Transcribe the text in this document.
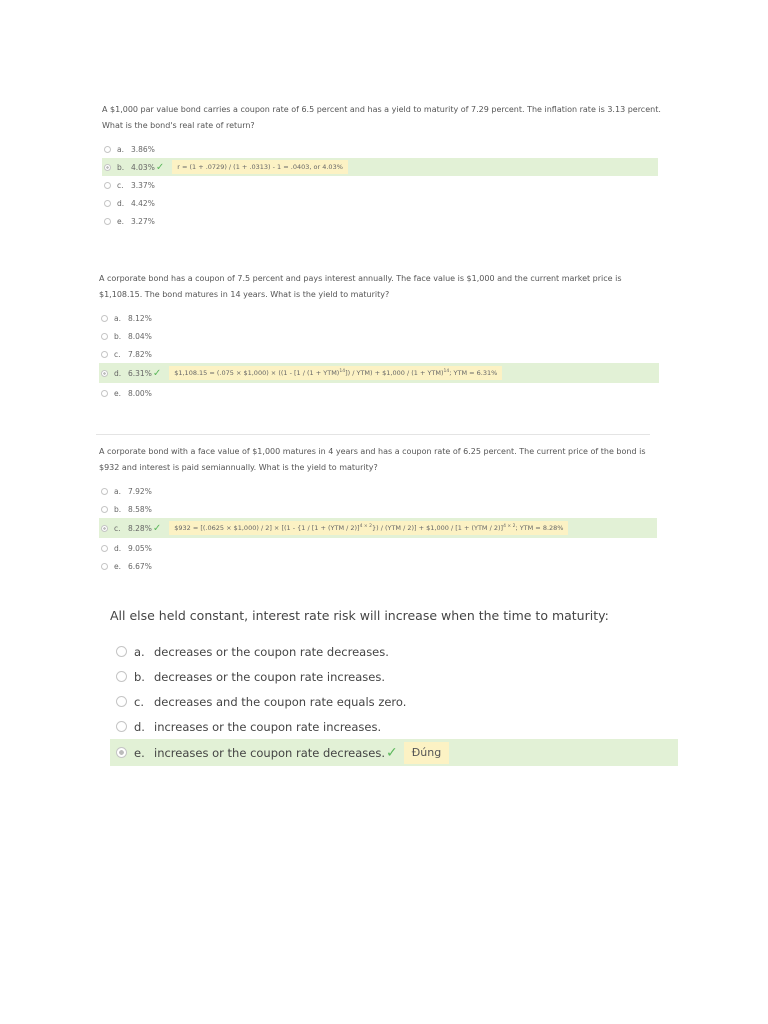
A $1,000 par value bond carries a coupon rate of 6.5 percent and has a yield to maturity of 7.29 percent. The inflation rate is 3.13 percent. What is the bond's real rate of return?

a. 3.86%
b. 4.03% ✓	r = (1 + .0729) / (1 + .0313) - 1 = .0403, or 4.03%
c. 3.37%
d. 4.42%
e. 3.27%

A corporate bond has a coupon of 7.5 percent and pays interest annually. The face value is $1,000 and the current market price is $1,108.15. The bond matures in 14 years. What is the yield to maturity?

a. 8.12%
b. 8.04%
c. 7.82%
d. 6.31% ✓	$1,108.15 = (.075 × $1,000) × ((1 - [1 / (1 + YTM)$^{14}$]) / YTM) + $1,000 / (1 + YTM)$^{14}$; YTM = 6.31%
e. 8.00%

A corporate bond with a face value of $1,000 matures in 4 years and has a coupon rate of 6.25 percent. The current price of the bond is $932 and interest is paid semiannually. What is the yield to maturity?

a. 7.92%
b. 8.58%
c. 8.28% ✓	$932 = [(.0625 × $1,000) / $2] \times [(1 - \{1 / [1 + (YTM / 2)]^{4 \times 2}\}) / (YTM / 2)]$ + $1,000 / $[1 + (YTM / 2)]^{4 \times 2}$; YTM = 8.28%
d. 9.05%
e. 6.67%

All else held constant, interest rate risk will increase when the time to maturity:

a. decreases or the coupon rate decreases.
b. decreases or the coupon rate increases.
c. decreases and the coupon rate equals zero.
d. increases or the coupon rate increases.
e. increases or the coupon rate decreases. ✓	Đúng
